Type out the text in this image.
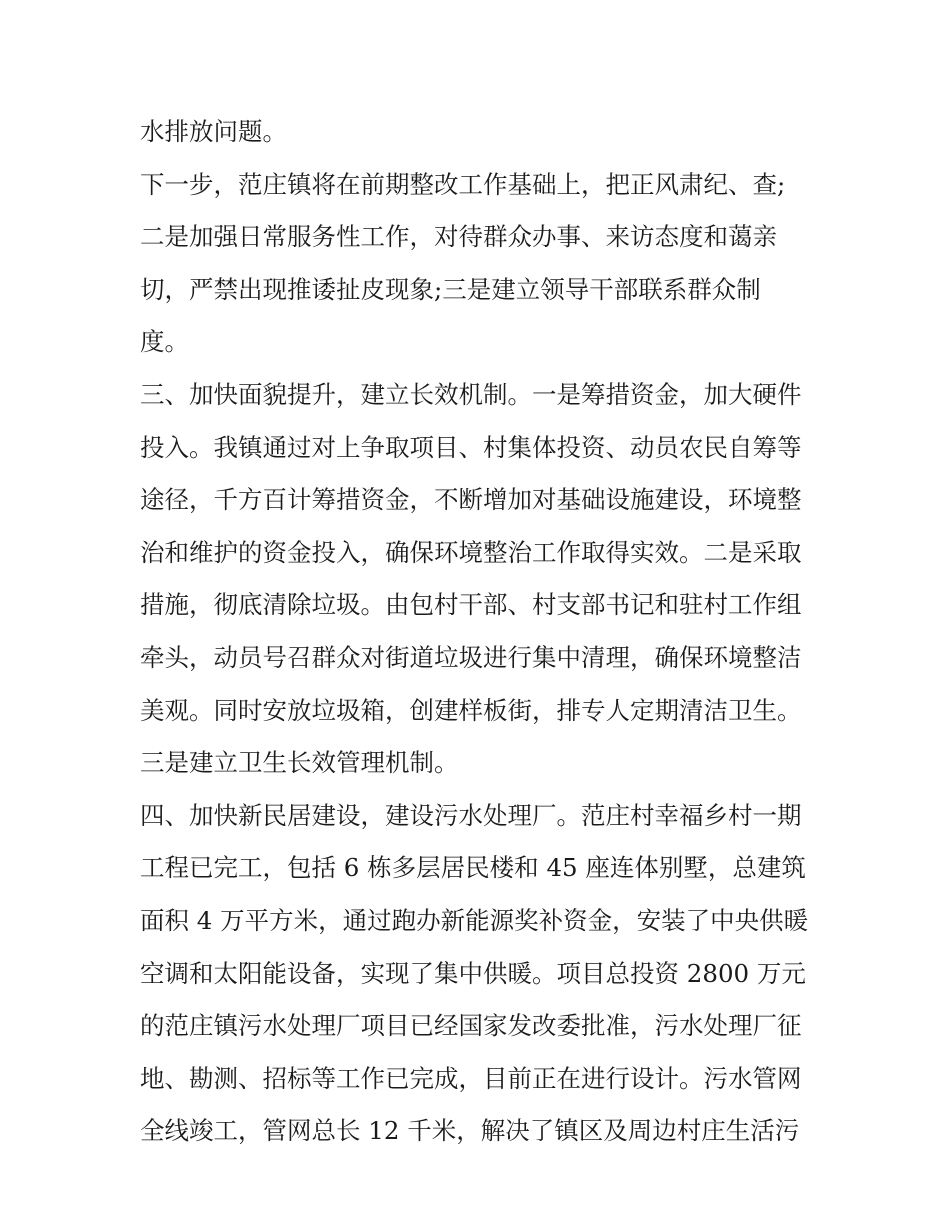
水排放问题。
下一步，范庄镇将在前期整改工作基础上，把正风肃纪、查;
二是加强日常服务性工作，对待群众办事、来访态度和蔼亲
切，严禁出现推诿扯皮现象;三是建立领导干部联系群众制
度。
三、加快面貌提升，建立长效机制。一是筹措资金，加大硬件
投入。我镇通过对上争取项目、村集体投资、动员农民自筹等
途径，千方百计筹措资金，不断增加对基础设施建设，环境整
治和维护的资金投入，确保环境整治工作取得实效。二是采取
措施，彻底清除垃圾。由包村干部、村支部书记和驻村工作组
牵头，动员号召群众对街道垃圾进行集中清理，确保环境整洁
美观。同时安放垃圾箱，创建样板街，排专人定期清洁卫生。
三是建立卫生长效管理机制。
四、加快新民居建设，建设污水处理厂。范庄村幸福乡村一期
工程已完工，包括 6 栋多层居民楼和 45 座连体别墅，总建筑
面积 4 万平方米，通过跑办新能源奖补资金，安装了中央供暖
空调和太阳能设备，实现了集中供暖。项目总投资 2800 万元
的范庄镇污水处理厂项目已经国家发改委批准，污水处理厂征
地、勘测、招标等工作已完成，目前正在进行设计。污水管网
全线竣工，管网总长 12 千米，解决了镇区及周边村庄生活污
